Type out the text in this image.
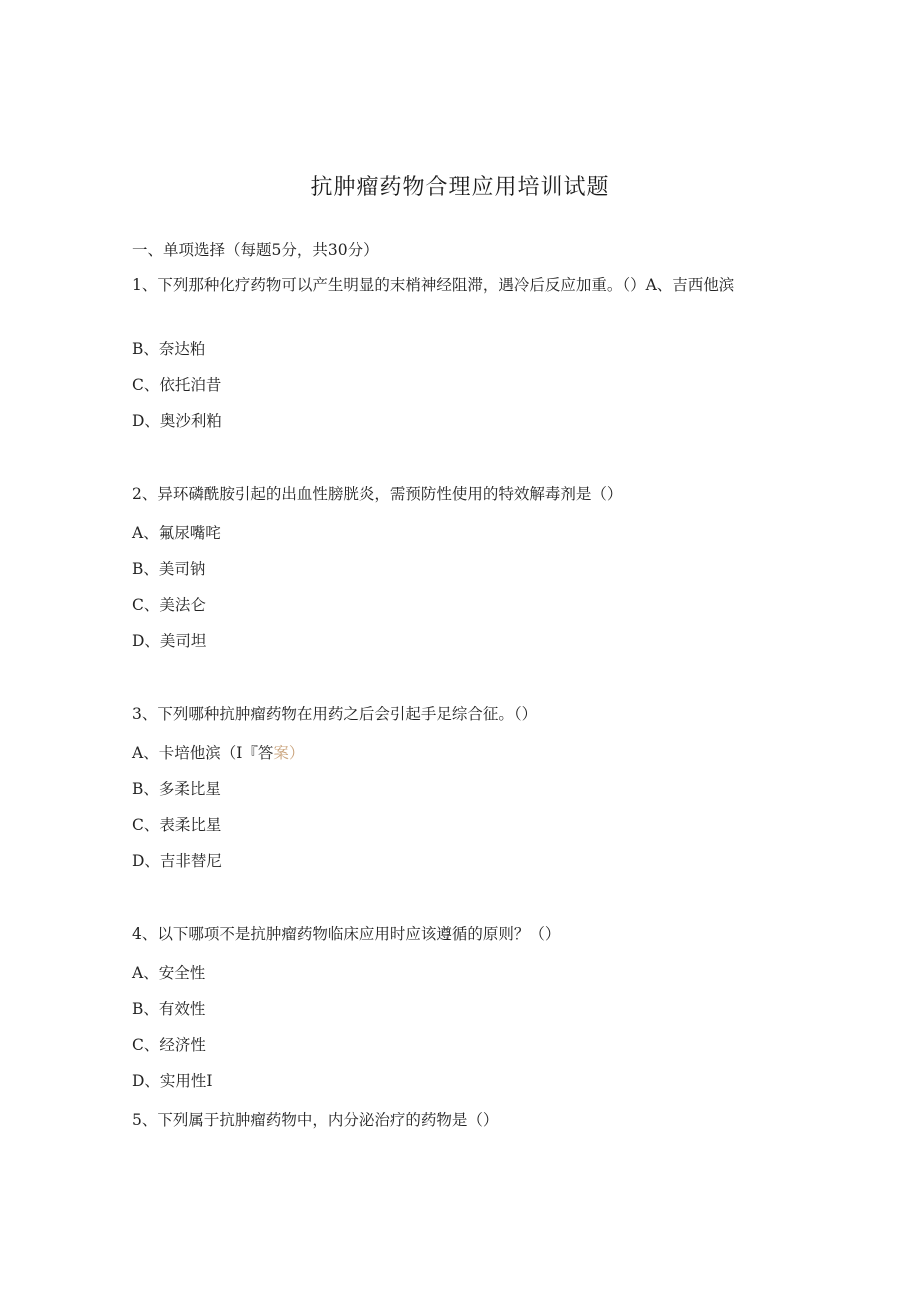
抗肿瘤药物合理应用培训试题
一、单项选择（每题5分，共30分）
1、下列那种化疗药物可以产生明显的末梢神经阻滞，遇冷后反应加重。（）A、吉西他滨
B、奈达粕
C、依托泊昔
D、奥沙利粕
2、异环磷酰胺引起的出血性膀胱炎，需预防性使用的特效解毒剂是（）
A、氟尿嘴咤
B、美司钠
C、美法仑
D、美司坦
3、下列哪种抗肿瘤药物在用药之后会引起手足综合征。（）
A、卡培他滨（I『答案）
B、多柔比星
C、表柔比星
D、吉非替尼
4、以下哪项不是抗肿瘤药物临床应用时应该遵循的原则？（）
A、安全性
B、有效性
C、经济性
D、实用性I
5、下列属于抗肿瘤药物中，内分泌治疗的药物是（）
